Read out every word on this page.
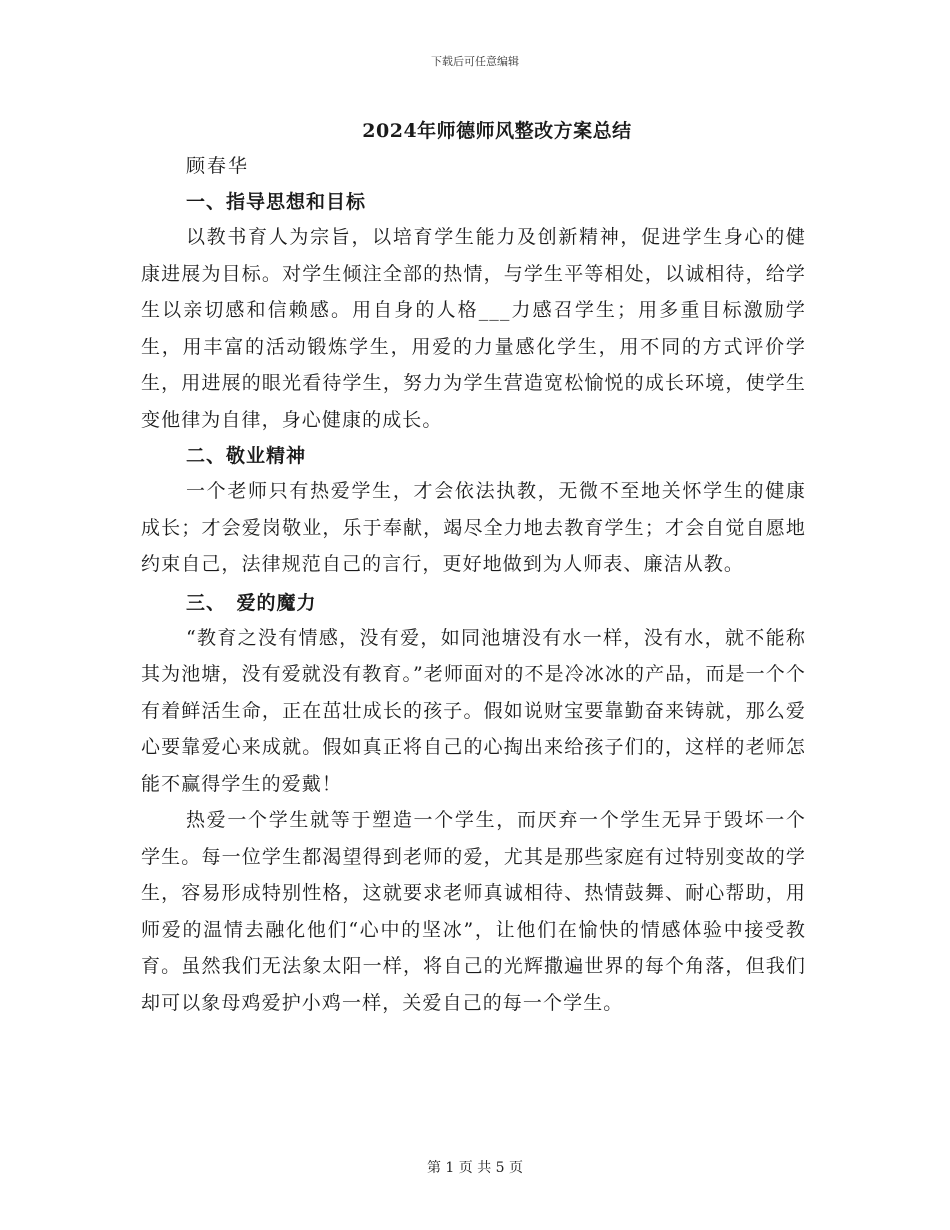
下载后可任意编辑
2024年师德师风整改方案总结
顾春华

一、指导思想和目标

以教书育人为宗旨，以培育学生能力及创新精神，促进学生身心的健康进展为目标。对学生倾注全部的热情，与学生平等相处，以诚相待，给学生以亲切感和信赖感。用自身的人格___力感召学生；用多重目标激励学生，用丰富的活动锻炼学生，用爱的力量感化学生，用不同的方式评价学生，用进展的眼光看待学生，努力为学生营造宽松愉悦的成长环境，使学生变他律为自律，身心健康的成长。

二、敬业精神

一个老师只有热爱学生，才会依法执教，无微不至地关怀学生的健康成长；才会爱岗敬业，乐于奉献，竭尽全力地去教育学生；才会自觉自愿地约束自己，法律规范自己的言行，更好地做到为人师表、廉洁从教。

三、　爱的魔力

“教育之没有情感，没有爱，如同池塘没有水一样，没有水，就不能称其为池塘，没有爱就没有教育。”老师面对的不是冷冰冰的产品，而是一个个有着鲜活生命，正在茁壮成长的孩子。假如说财宝要靠勤奋来铸就，那么爱心要靠爱心来成就。假如真正将自己的心掏出来给孩子们的，这样的老师怎能不赢得学生的爱戴！

热爱一个学生就等于塑造一个学生，而厌弃一个学生无异于毁坏一个学生。每一位学生都渴望得到老师的爱，尤其是那些家庭有过特别变故的学生，容易形成特别性格，这就要求老师真诚相待、热情鼓舞、耐心帮助，用师爱的温情去融化他们“心中的坚冰”，让他们在愉快的情感体验中接受教育。虽然我们无法象太阳一样，将自己的光辉撒遍世界的每个角落，但我们却可以象母鸡爱护小鸡一样，关爱自己的每一个学生。

第 1 页 共 5 页
